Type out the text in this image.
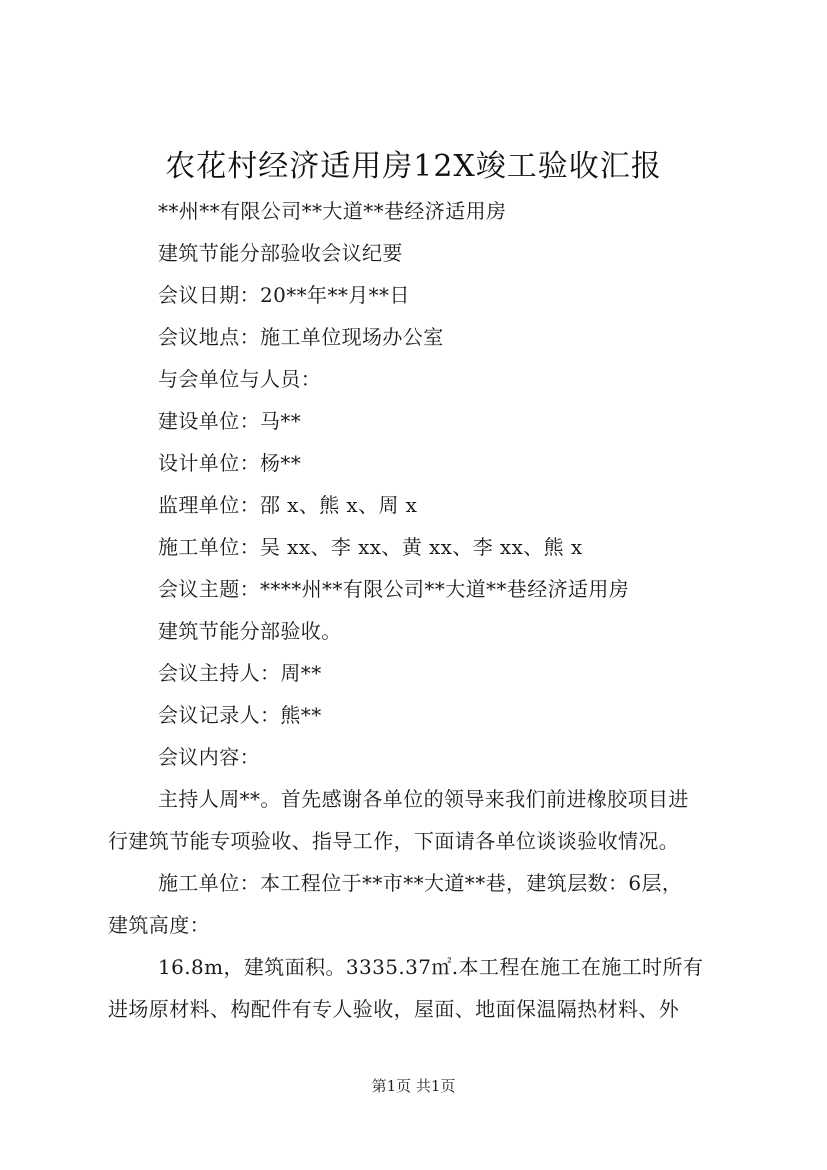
农花村经济适用房12X竣工验收汇报
**州**有限公司**大道**巷经济适用房
建筑节能分部验收会议纪要
会议日期：20**年**月**日
会议地点：施工单位现场办公室
与会单位与人员：
建设单位：马**
设计单位：杨**
监理单位：邵 x、熊 x、周 x
施工单位：吴 xx、李 xx、黄 xx、李 xx、熊 x
会议主题：****州**有限公司**大道**巷经济适用房
建筑节能分部验收。
会议主持人：周**
会议记录人：熊**
会议内容：
主持人周**。首先感谢各单位的领导来我们前进橡胶项目进
行建筑节能专项验收、指导工作，下面请各单位谈谈验收情况。
施工单位：本工程位于**市**大道**巷，建筑层数：6层，
建筑高度：
16.8m，建筑面积。3335.37㎡.本工程在施工在施工时所有
进场原材料、构配件有专人验收，屋面、地面保温隔热材料、外
第1页 共1页
